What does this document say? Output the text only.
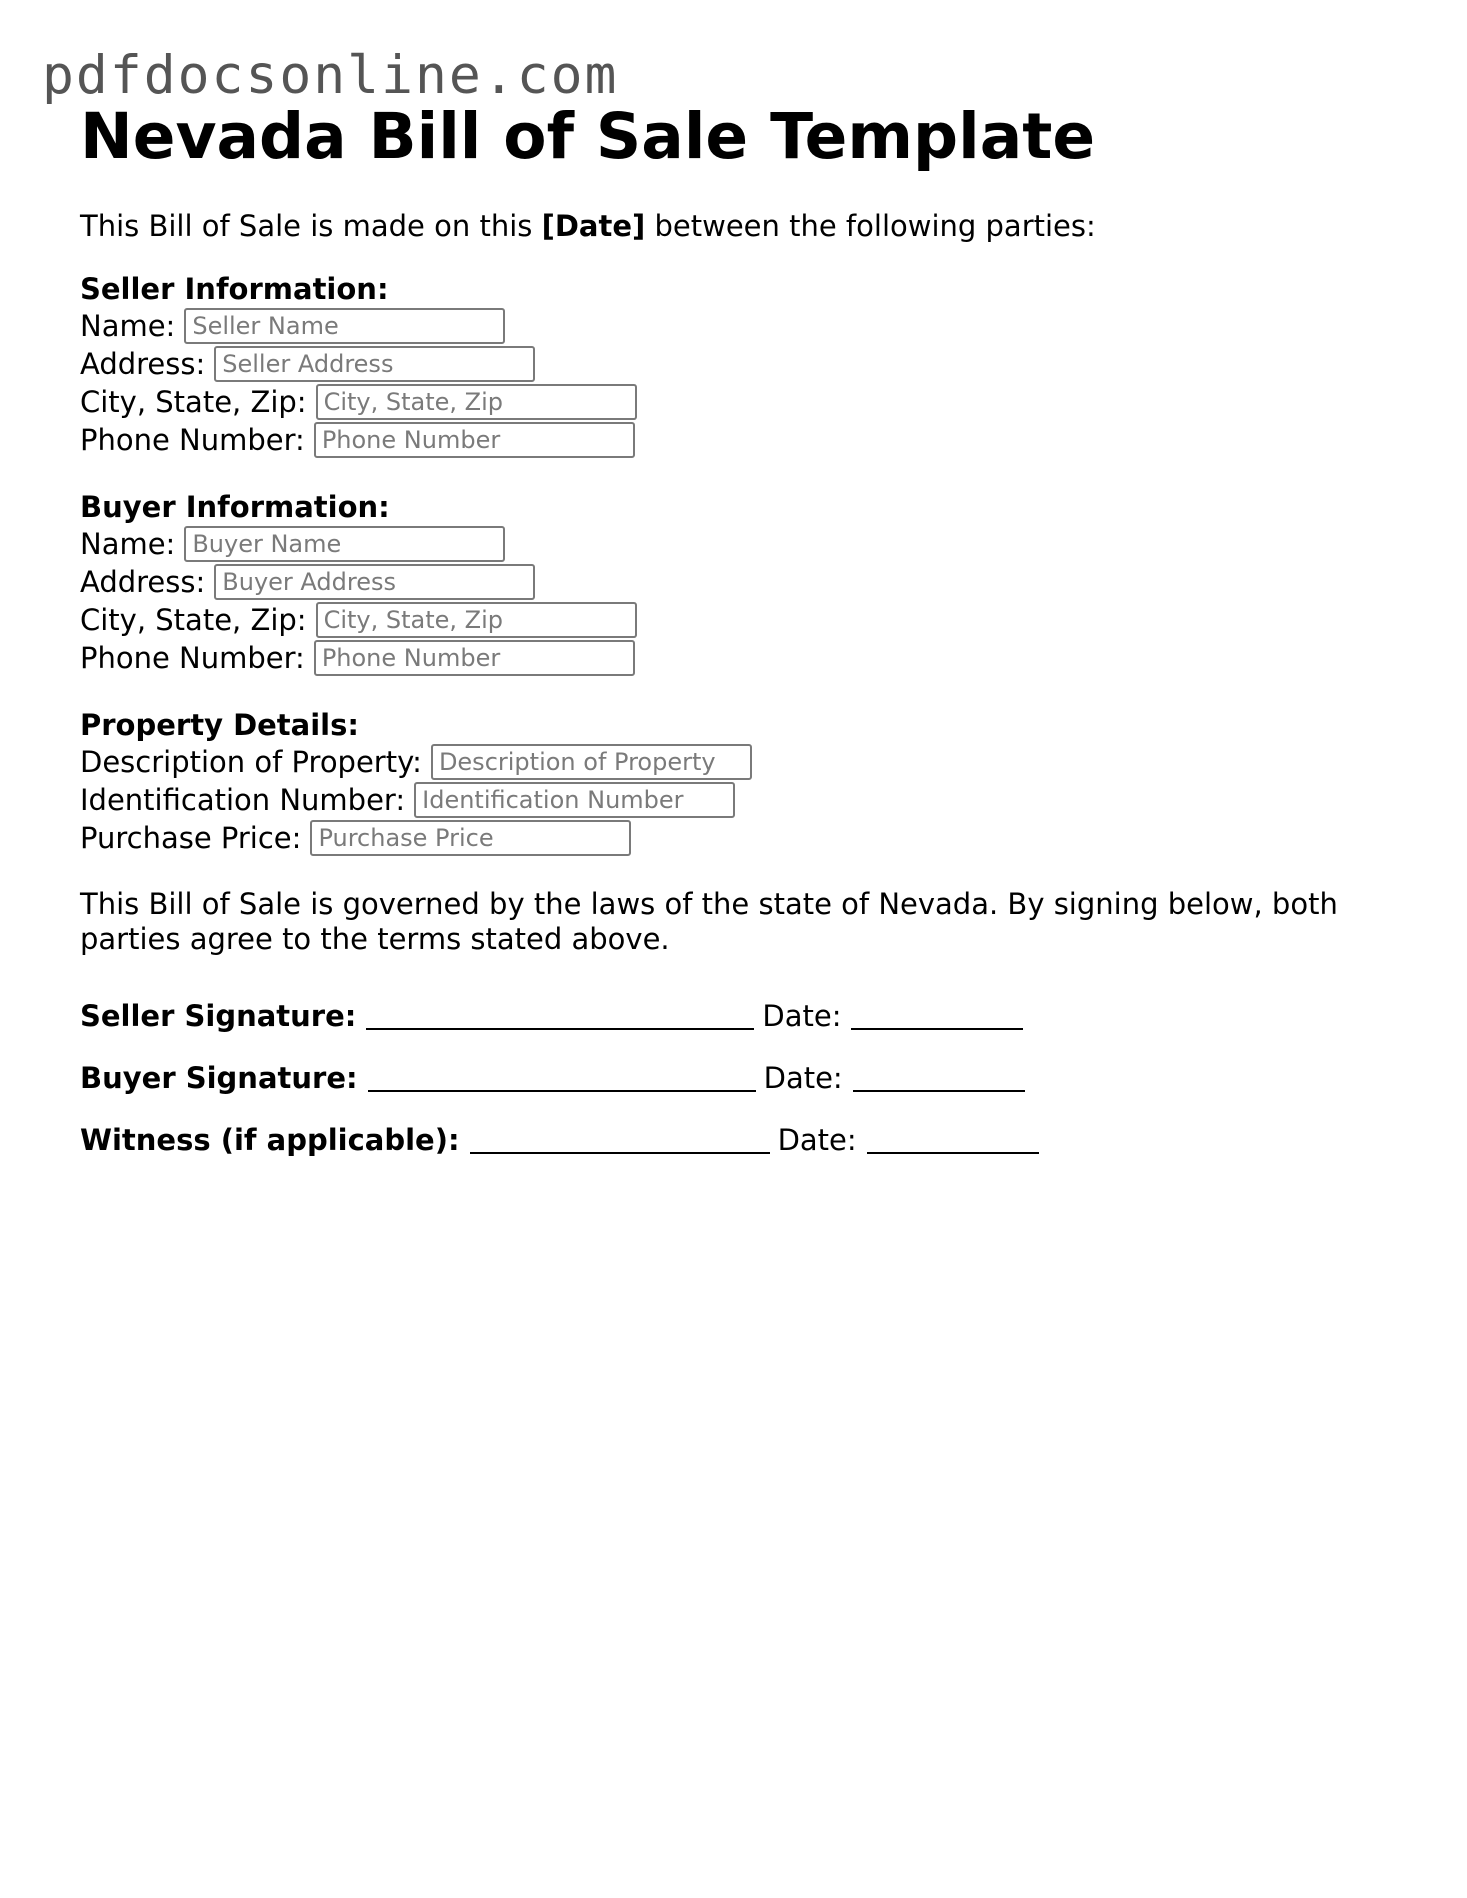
pdfdocsonline.com
Nevada Bill of Sale Template

This Bill of Sale is made on this [Date] between the following parties:

Seller Information:
Name:
Seller Name
Address:
Seller Address
City, State, Zip:
City, State, Zip
Phone Number:
Phone Number
Buyer Information:
Name:
Buyer Name
Address:
Buyer Address
City, State, Zip:
City, State, Zip
Phone Number:
Phone Number
Property Details:
Description of Property:
Description of Property
Identification Number:
Identification Number
Purchase Price:
Purchase Price

This Bill of Sale is governed by the laws of the state of Nevada. By signing below, both parties agree to the terms stated above.

Seller Signature:	Date:
Buyer Signature:	Date:
Witness (if applicable):	Date:
